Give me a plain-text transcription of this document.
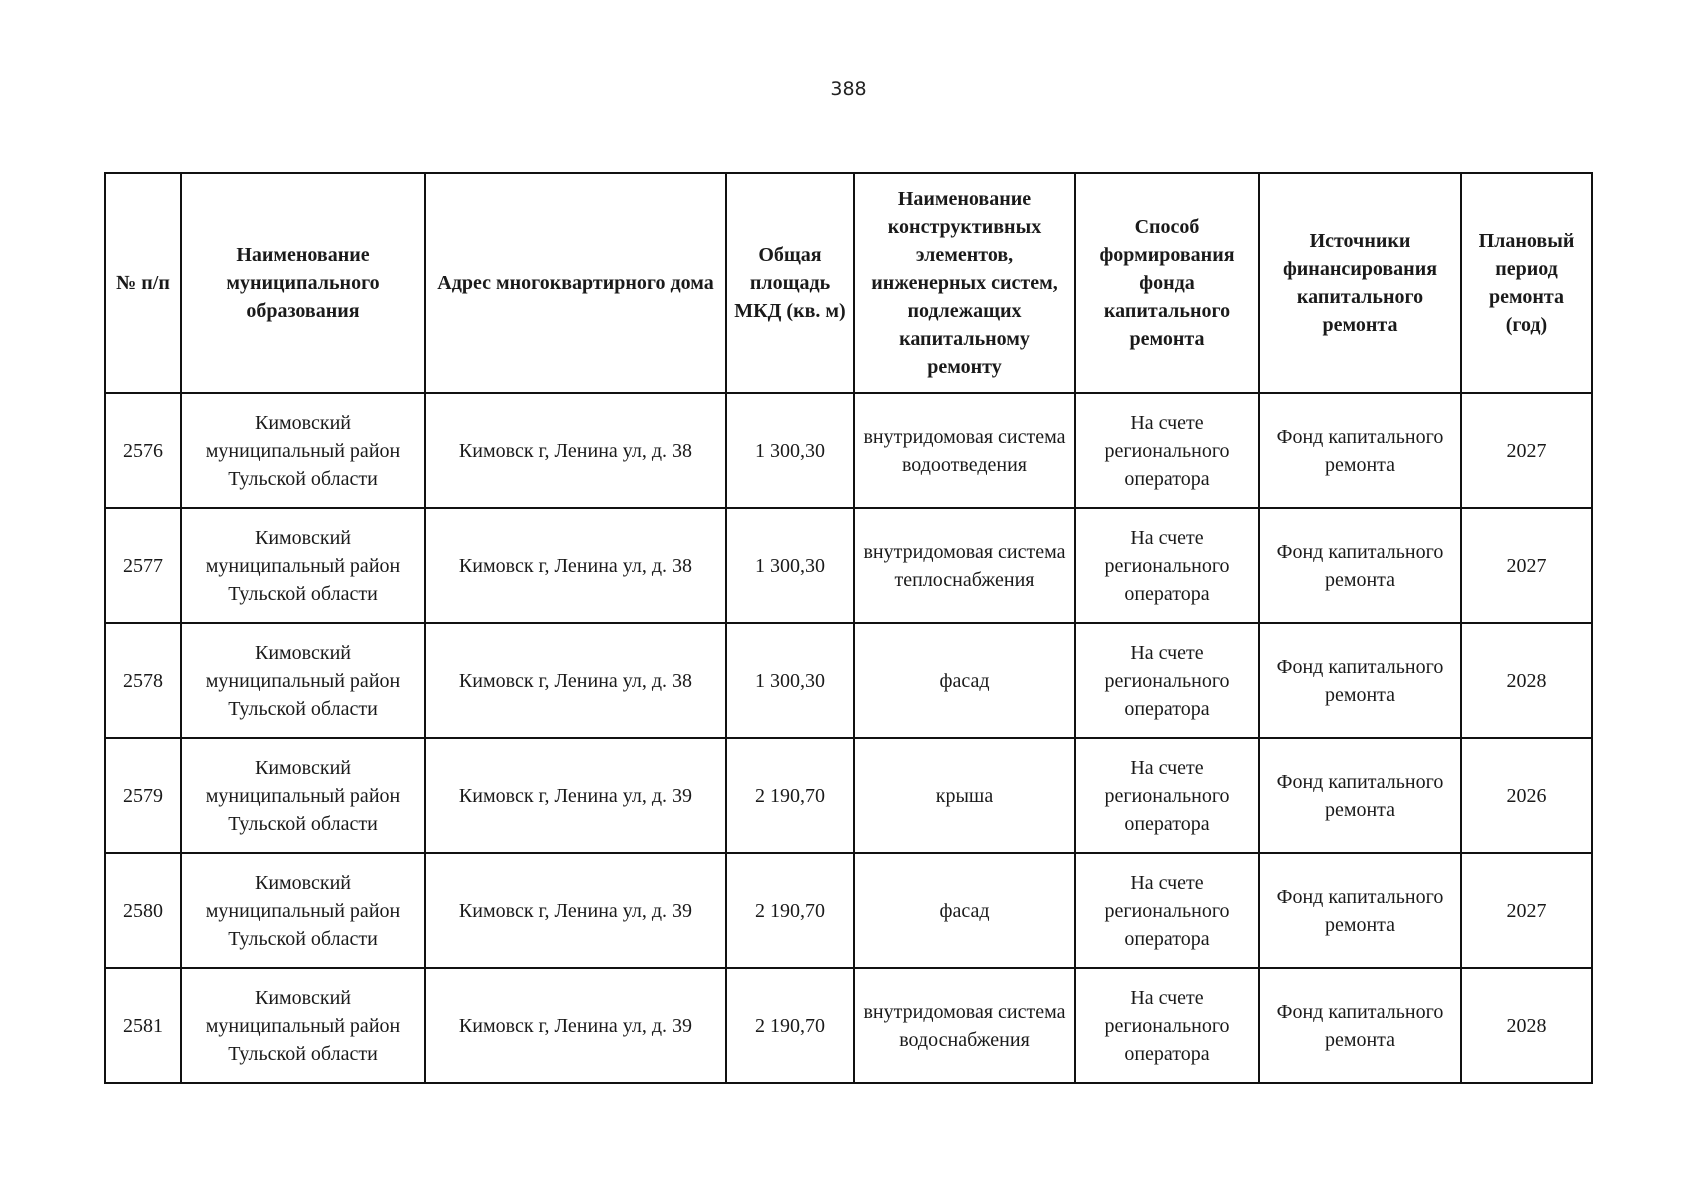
388
№ п/п	Наименование муниципального образования	Адрес многоквартирного дома	Общая площадь МКД (кв. м)	Наименование конструктивных элементов, инженерных систем, подлежащих капитальному ремонту	Способ формирования фонда капитального ремонта	Источники финансирования капитального ремонта	Плановый период ремонта (год)

2576	Кимовский муниципальный район Тульской области	Кимовск г, Ленина ул, д. 38	1 300,30	внутридомовая система водоотведения	На счете регионального оператора	Фонд капитального ремонта	2027
2577	Кимовский муниципальный район Тульской области	Кимовск г, Ленина ул, д. 38	1 300,30	внутридомовая система теплоснабжения	На счете регионального оператора	Фонд капитального ремонта	2027
2578	Кимовский муниципальный район Тульской области	Кимовск г, Ленина ул, д. 38	1 300,30	фасад	На счете регионального оператора	Фонд капитального ремонта	2028
2579	Кимовский муниципальный район Тульской области	Кимовск г, Ленина ул, д. 39	2 190,70	крыша	На счете регионального оператора	Фонд капитального ремонта	2026
2580	Кимовский муниципальный район Тульской области	Кимовск г, Ленина ул, д. 39	2 190,70	фасад	На счете регионального оператора	Фонд капитального ремонта	2027
2581	Кимовский муниципальный район Тульской области	Кимовск г, Ленина ул, д. 39	2 190,70	внутридомовая система водоснабжения	На счете регионального оператора	Фонд капитального ремонта	2028
